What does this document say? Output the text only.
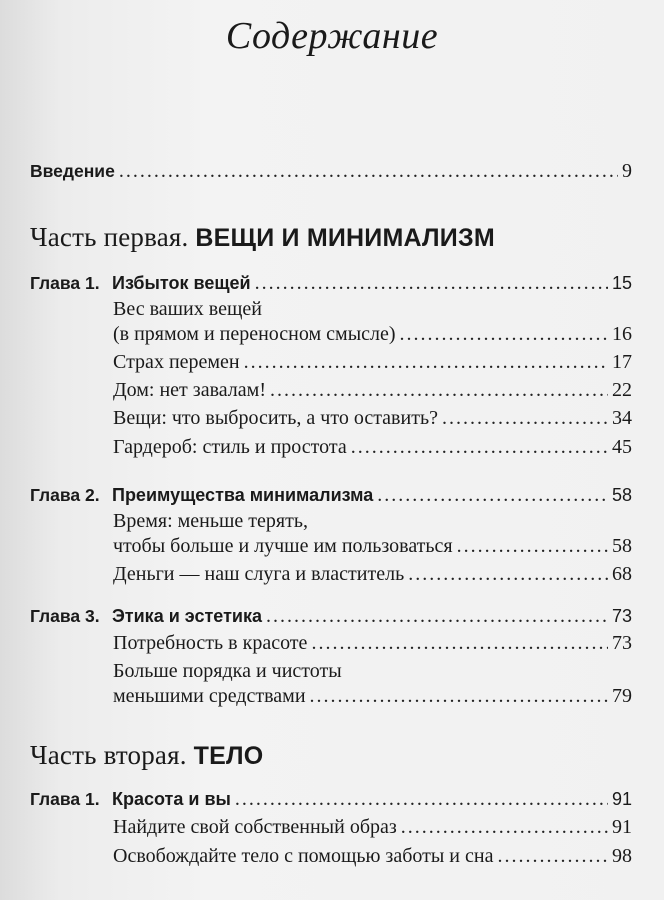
Содержание
Введение .....	9
Часть первая. ВЕЩИ И МИНИМАЛИЗМ
Глава 1. Избыток вещей .....	15
Вес ваших вещей
(в прямом и переносном смысле) .....	16
Страх перемен .....	17
Дом: нет завалам! .....	22
Вещи: что выбросить, а что оставить? .....	34
Гардероб: стиль и простота .....	45
Глава 2. Преимущества минимализма .....	58
Время: меньше терять,
чтобы больше и лучше им пользоваться .....	58
Деньги — наш слуга и властитель .....	68
Глава 3. Этика и эстетика .....	73
Потребность в красоте .....	73
Больше порядка и чистоты
меньшими средствами .....	79
Часть вторая. ТЕЛО
Глава 1. Красота и вы .....	91
Найдите свой собственный образ .....	91
Освобождайте тело с помощью заботы и сна .....	98
